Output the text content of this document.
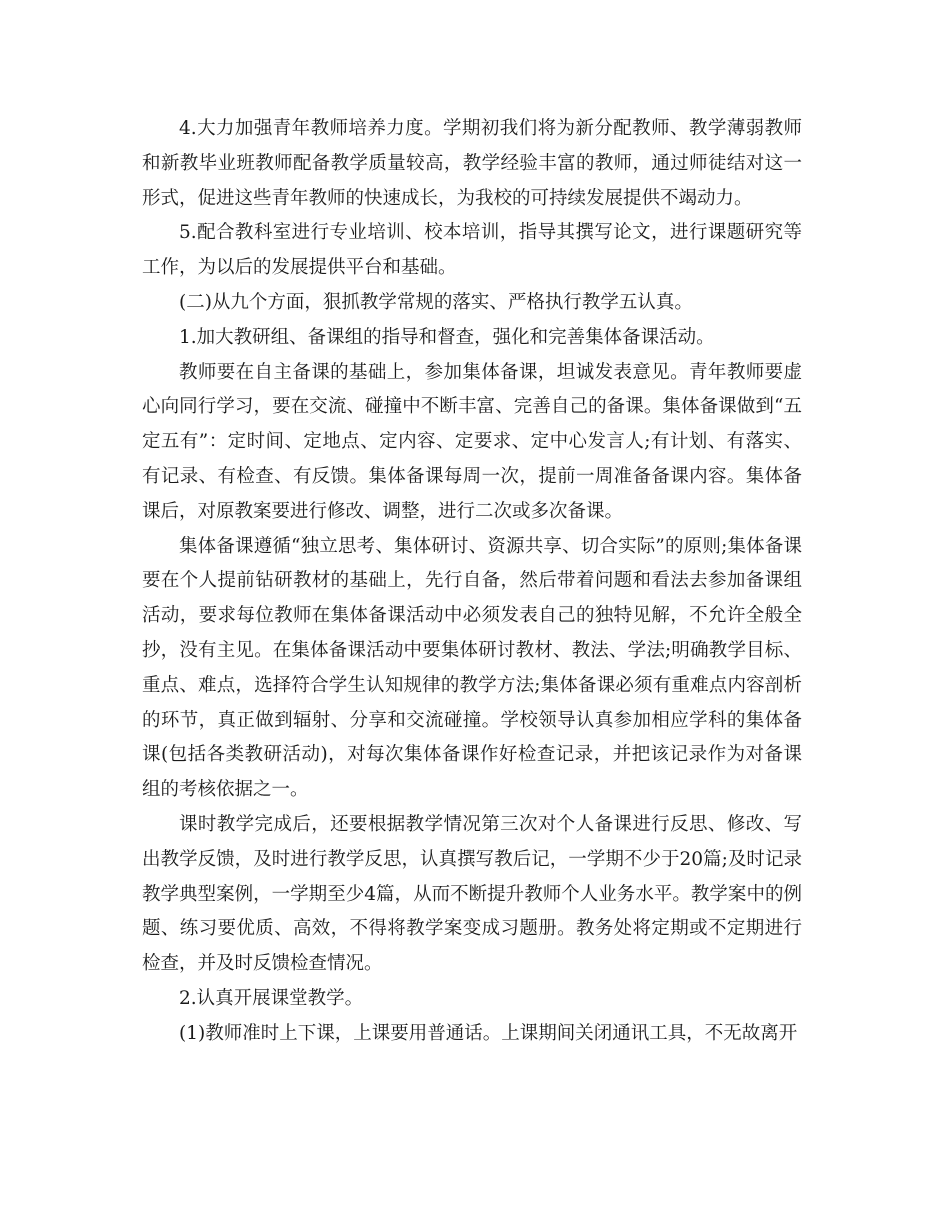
4.大力加强青年教师培养力度。学期初我们将为新分配教师、教学薄弱教师和新教毕业班教师配备教学质量较高，教学经验丰富的教师，通过师徒结对这一形式，促进这些青年教师的快速成长，为我校的可持续发展提供不竭动力。

5.配合教科室进行专业培训、校本培训，指导其撰写论文，进行课题研究等工作，为以后的发展提供平台和基础。

(二)从九个方面，狠抓教学常规的落实、严格执行教学五认真。

1.加大教研组、备课组的指导和督查，强化和完善集体备课活动。

教师要在自主备课的基础上，参加集体备课，坦诚发表意见。青年教师要虚心向同行学习，要在交流、碰撞中不断丰富、完善自己的备课。集体备课做到“五定五有”：定时间、定地点、定内容、定要求、定中心发言人;有计划、有落实、有记录、有检查、有反馈。集体备课每周一次，提前一周准备备课内容。集体备课后，对原教案要进行修改、调整，进行二次或多次备课。

集体备课遵循“独立思考、集体研讨、资源共享、切合实际”的原则;集体备课要在个人提前钻研教材的基础上，先行自备，然后带着问题和看法去参加备课组活动，要求每位教师在集体备课活动中必须发表自己的独特见解，不允许全般全抄，没有主见。在集体备课活动中要集体研讨教材、教法、学法;明确教学目标、重点、难点，选择符合学生认知规律的教学方法;集体备课必须有重难点内容剖析的环节，真正做到辐射、分享和交流碰撞。学校领导认真参加相应学科的集体备课(包括各类教研活动)，对每次集体备课作好检查记录，并把该记录作为对备课组的考核依据之一。

课时教学完成后，还要根据教学情况第三次对个人备课进行反思、修改、写出教学反馈，及时进行教学反思，认真撰写教后记，一学期不少于20篇;及时记录教学典型案例，一学期至少4篇，从而不断提升教师个人业务水平。教学案中的例题、练习要优质、高效，不得将教学案变成习题册。教务处将定期或不定期进行检查，并及时反馈检查情况。

2.认真开展课堂教学。

(1)教师准时上下课，上课要用普通话。上课期间关闭通讯工具，不无故离开
